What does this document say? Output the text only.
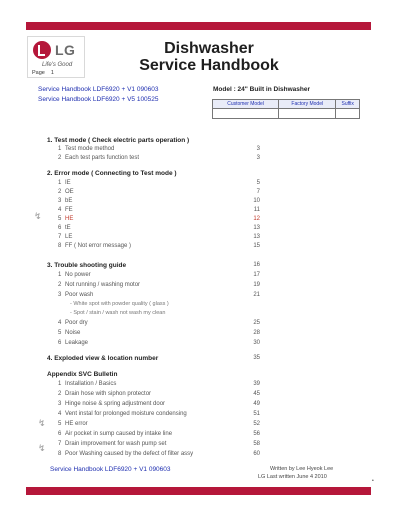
LG
Life's Good
Page 1
Dishwasher
Service Handbook
Service Handbook LDF6920 + V1 090603
Service Handbook LDF6920 + V5 100525
Model : 24" Built in Dishwasher
Customer Model	Factory Model	Suffix

1. Test mode ( Check electric parts operation )
1 Test mode method	3
2 Each test parts function test	3
2. Error mode ( Connecting to Test mode )
1 IE	5
2 OE	7
3 bE	10
4 FE	11
5 HE	12
6 tE	13
7 LE	13
8 FF ( Not error message )	15
↯
3. Trouble shooting guide	16
1 No power	17
2 Not running / washing motor	19
3 Poor wash	21
- White spot with powder quality ( glass )
- Spot / stain / wash not wash my clean
4 Poor dry	25
5 Noise	28
6 Leakage	30
4. Exploded view & location number	35
Appendix SVC Bulletin
1 Installation / Basics	39
2 Drain hose with siphon protector	45
3 Hinge noise & spring adjustment door	49
4 Vent instal for prolonged moisture condensing	51
5 HE error	52
6 Air pocket in sump caused by intake line	56
7 Drain improvement for wash pump set	58
8 Poor Washing caused by the defect of filter assy	60
↯
↯
Service Handbook LDF6920 + V1 090603	Written by Lee Hyeok Lee
LG Last written June 4 2010
•
